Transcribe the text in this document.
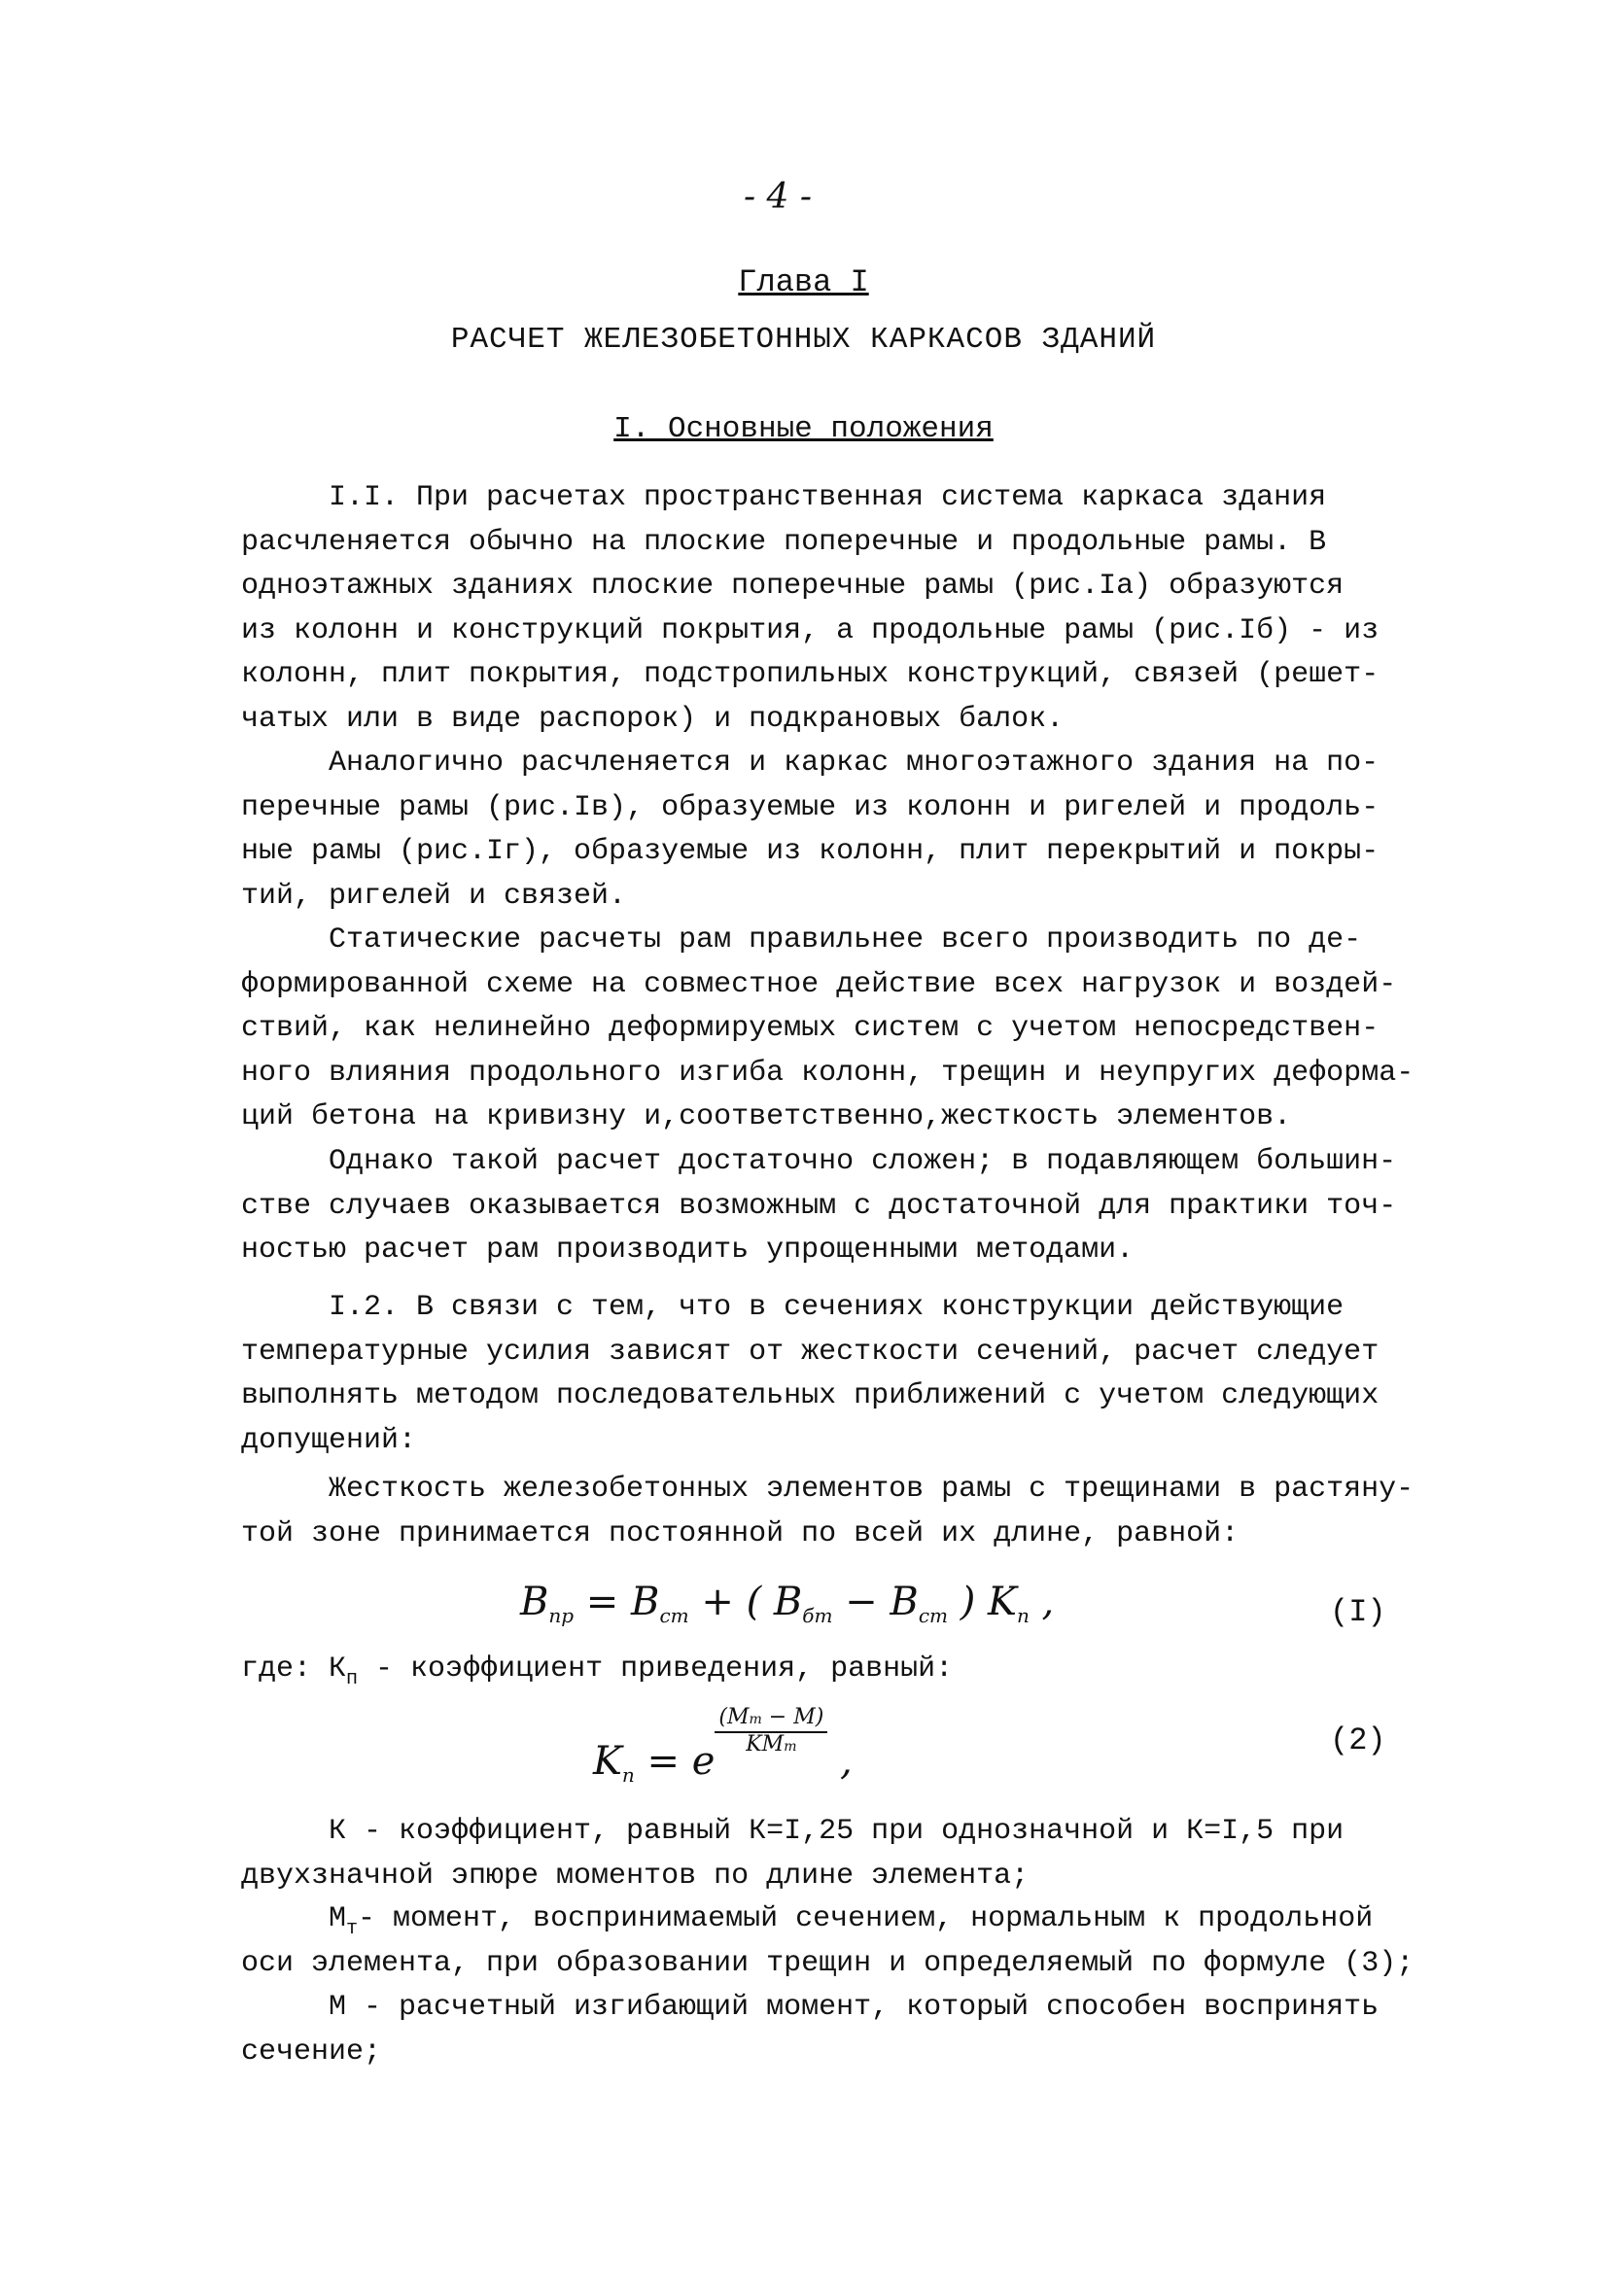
- 4 -
Глава I
РАСЧЕТ ЖЕЛЕЗОБЕТОННЫХ КАРКАСОВ ЗДАНИЙ
I. Основные положения
I.I. При расчетах пространственная система каркаса здания
расчленяется обычно на плоские поперечные и продольные рамы. В
одноэтажных зданиях плоские поперечные рамы (рис.Iа) образуются
из колонн и конструкций покрытия, а продольные рамы (рис.Iб) - из
колонн, плит покрытия, подстропильных конструкций, связей (решет-
чатых или в виде распорок) и подкрановых балок.
Аналогично расчленяется и каркас многоэтажного здания на по-
перечные рамы (рис.Iв), образуемые из колонн и ригелей и продоль-
ные рамы (рис.Iг), образуемые из колонн, плит перекрытий и покры-
тий, ригелей и связей.
Статические расчеты рам правильнее всего производить по де-
формированной схеме на совместное действие всех нагрузок и воздей-
ствий, как нелинейно деформируемых систем с учетом непосредствен-
ного влияния продольного изгиба колонн, трещин и неупругих деформа-
ций бетона на кривизну и,соответственно,жесткость элементов.
Однако такой расчет достаточно сложен; в подавляющем большин-
стве случаев оказывается возможным с достаточной для практики точ-
ностью расчет рам производить упрощенными методами.
I.2. В связи с тем, что в сечениях конструкции действующие
температурные усилия зависят от жесткости сечений, расчет следует
выполнять методом последовательных приближений с учетом следующих
допущений:
Жесткость железобетонных элементов рамы с трещинами в растяну-
той зоне принимается постоянной по всей их длине, равной:
$B_{пр} = B_{ст}$ + ( $B_{бт} - B_{ст}$ ) $K_п$ ,	(I)
где: $К_п$ - коэффициент приведения, равный:
$K_п = e$
$\frac{(Mт - M)}{\text{KMт}}$ ,	(2)
К - коэффициент, равный К=I,25 при однозначной и К=I,5 при
двухзначной эпюре моментов по длине элемента;
$М_т-$ момент, воспринимаемый сечением, нормальным к продольной
оси элемента, при образовании трещин и определяемый по формуле (3);
М - расчетный изгибающий момент, который способен воспринять
сечение;
